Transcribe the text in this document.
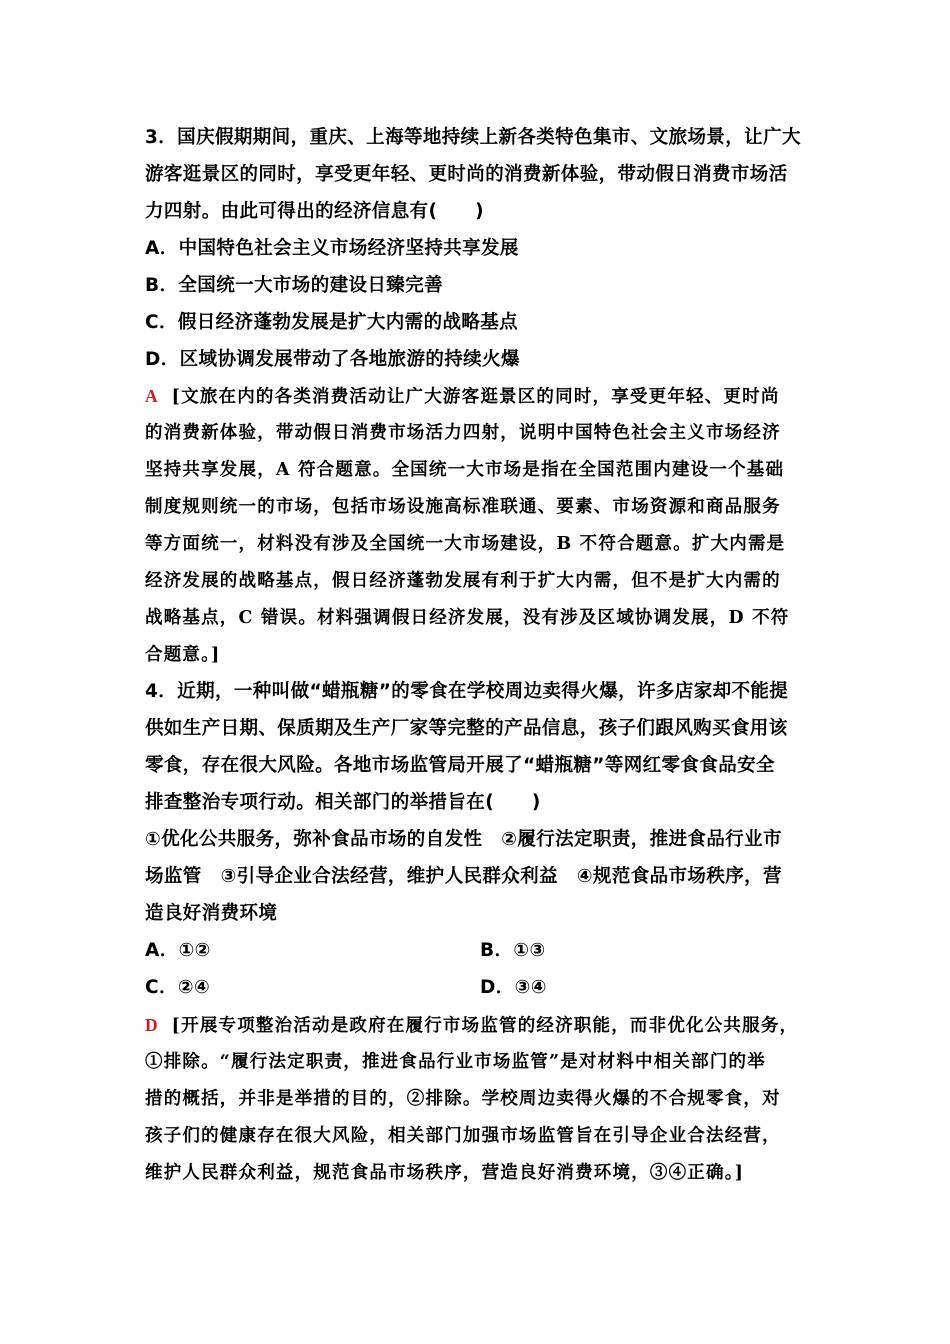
3．国庆假期期间，重庆、上海等地持续上新各类特色集市、文旅场景，让广大
游客逛景区的同时，享受更年轻、更时尚的消费新体验，带动假日消费市场活
力四射。由此可得出的经济信息有(　　)
A．中国特色社会主义市场经济坚持共享发展
B．全国统一大市场的建设日臻完善
C．假日经济蓬勃发展是扩大内需的战略基点
D．区域协调发展带动了各地旅游的持续火爆
A [文旅在内的各类消费活动让广大游客逛景区的同时，享受更年轻、更时尚
的消费新体验，带动假日消费市场活力四射，说明中国特色社会主义市场经济
坚持共享发展，A 符合题意。全国统一大市场是指在全国范围内建设一个基础
制度规则统一的市场，包括市场设施高标准联通、要素、市场资源和商品服务
等方面统一，材料没有涉及全国统一大市场建设，B 不符合题意。扩大内需是
经济发展的战略基点，假日经济蓬勃发展有利于扩大内需，但不是扩大内需的
战略基点，C 错误。材料强调假日经济发展，没有涉及区域协调发展，D 不符
合题意。]
4．近期，一种叫做“蜡瓶糖”的零食在学校周边卖得火爆，许多店家却不能提
供如生产日期、保质期及生产厂家等完整的产品信息，孩子们跟风购买食用该
零食，存在很大风险。各地市场监管局开展了“蜡瓶糖”等网红零食食品安全
排查整治专项行动。相关部门的举措旨在(　　)
①优化公共服务，弥补食品市场的自发性　②履行法定职责，推进食品行业市
场监管　③引导企业合法经营，维护人民群众利益　④规范食品市场秩序，营
造良好消费环境
A．①②	B．①③
C．②④	D．③④
D [开展专项整治活动是政府在履行市场监管的经济职能，而非优化公共服务，
①排除。“履行法定职责，推进食品行业市场监管”是对材料中相关部门的举
措的概括，并非是举措的目的，②排除。学校周边卖得火爆的不合规零食，对
孩子们的健康存在很大风险，相关部门加强市场监管旨在引导企业合法经营，
维护人民群众利益，规范食品市场秩序，营造良好消费环境，③④正确。]
